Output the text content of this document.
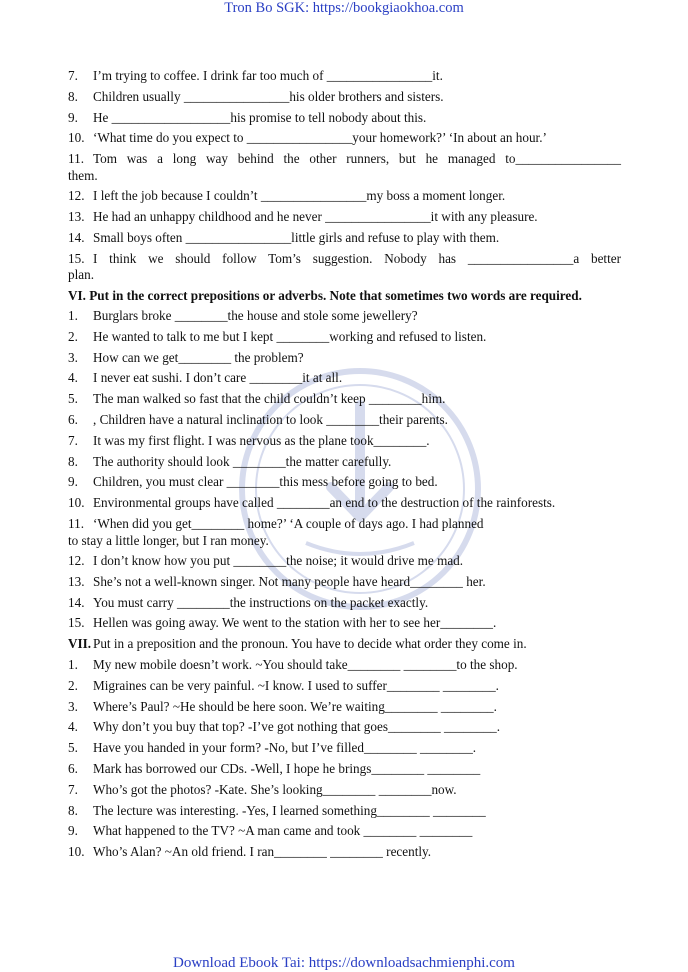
Tron Bo SGK: https://bookgiaokhoa.com
7.	I’m trying to coffee. I drink far too much of ________________it.
8.	Children usually ________________his older brothers and sisters.
9.	He __________________his promise to tell nobody about this.
10. ‘What time do you expect to ________________your homework?’ ‘In about an hour.’
11. Tom was a long way behind the other runners, but he managed to________________
them.
12. I left the job because I couldn’t ________________my boss a moment longer.
13. He had an unhappy childhood and he never ________________it with any pleasure.
14. Small boys often ________________little girls and refuse to play with them.
15. I think we should follow Tom’s suggestion. Nobody has ________________a better
plan.
VI. Put in the correct prepositions or adverbs. Note that sometimes two words are required.
1.	Burglars broke ________the house and stole some jewellery?
2.	He wanted to talk to me but I kept ________working and refused to listen.
3.	How can we get________ the problem?
4.	I never eat sushi. I don’t care ________it at all.
5.	The man walked so fast that the child couldn’t keep ________him.
6.	, Children have a natural inclination to look ________their parents.
7.	It was my first flight. I was nervous as the plane took________.
8.	The authority should look ________the matter carefully.
9.	Children, you must clear ________this mess before going to bed.
10. Environmental groups have called ________an end to the destruction of the rainforests.
11. ‘When did you get________ home?’ ‘A couple of days ago. I had planned
to stay a little longer, but I ran money.
12. I don’t know how you put ________the noise; it would drive me mad.
13. She’s not a well-known singer. Not many people have heard________ her.
14. You must carry ________the instructions on the packet exactly.
15. Hellen was going away. We went to the station with her to see her________.
VII. Put in a preposition and the pronoun. You have to decide what order they come in.
1.	My new mobile doesn’t work. ~You should take________ ________to the shop.
2.	Migraines can be very painful. ~I know. I used to suffer________ ________.
3.	Where’s Paul? ~He should be here soon. We’re waiting________ ________.
4.	Why don’t you buy that top? -I’ve got nothing that goes________ ________.
5.	Have you handed in your form? -No, but I’ve filled________ ________.
6.	Mark has borrowed our CDs. -Well, I hope he brings________ ________
7.	Who’s got the photos? -Kate. She’s looking________ ________now.
8.	The lecture was interesting. -Yes, I learned something________ ________
9.	What happened to the TV? ~A man came and took ________ ________
10. Who’s Alan? ~An old friend. I ran________ ________ recently.
Download Ebook Tai: https://downloadsachmienphi.com
